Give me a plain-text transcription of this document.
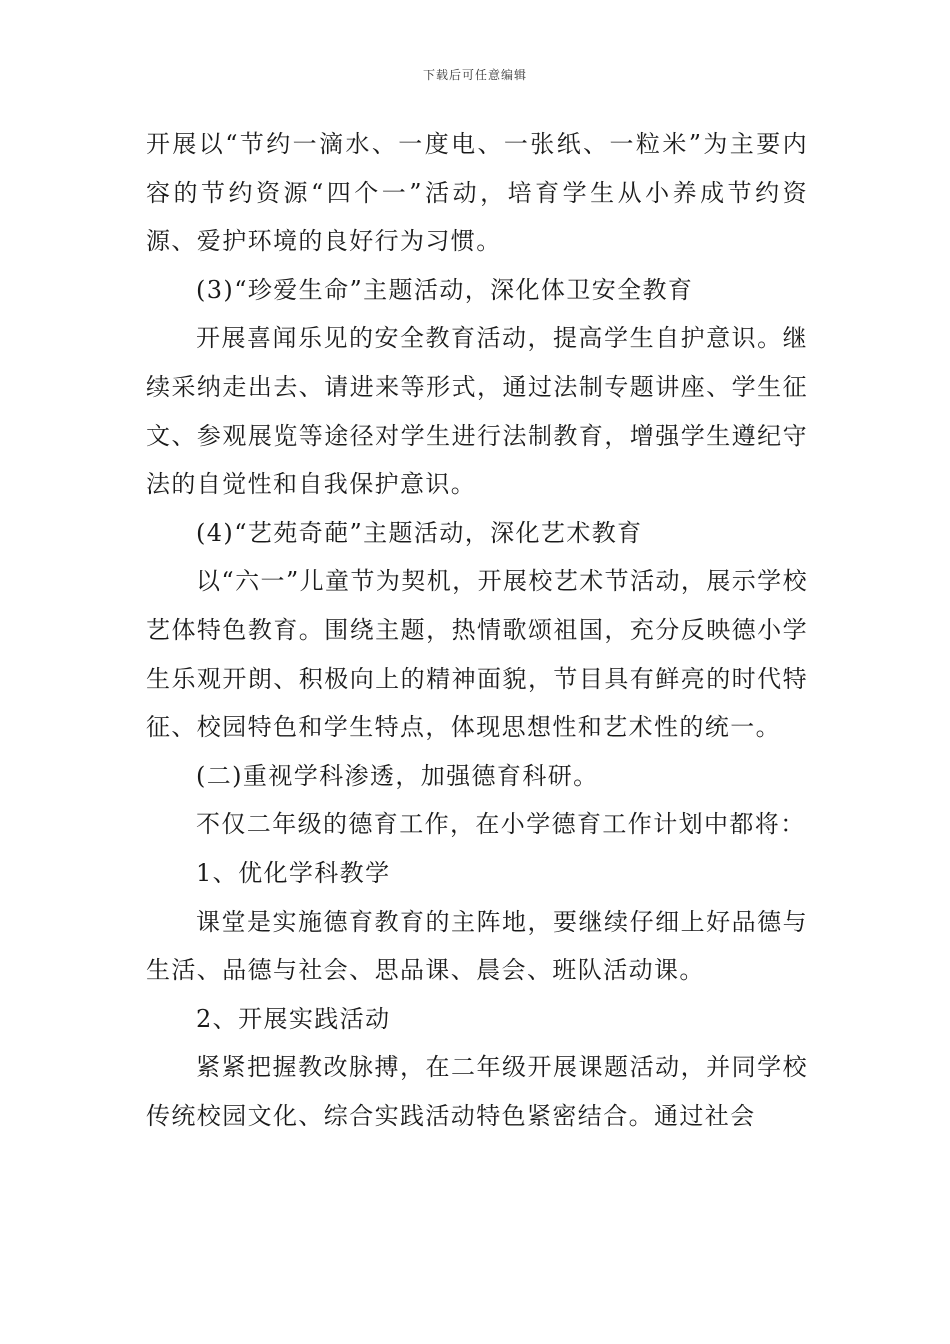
下载后可任意编辑

开展以“节约一滴水、一度电、一张纸、一粒米”为主要内容的节约资源“四个一”活动，培育学生从小养成节约资源、爱护环境的良好行为习惯。

(3)“珍爱生命”主题活动，深化体卫安全教育

开展喜闻乐见的安全教育活动，提高学生自护意识。继续采纳走出去、请进来等形式，通过法制专题讲座、学生征文、参观展览等途径对学生进行法制教育，增强学生遵纪守法的自觉性和自我保护意识。

(4)“艺苑奇葩”主题活动，深化艺术教育

以“六一”儿童节为契机，开展校艺术节活动，展示学校艺体特色教育。围绕主题，热情歌颂祖国，充分反映德小学生乐观开朗、积极向上的精神面貌，节目具有鲜亮的时代特征、校园特色和学生特点，体现思想性和艺术性的统一。

(二)重视学科渗透，加强德育科研。

不仅二年级的德育工作，在小学德育工作计划中都将：

1、优化学科教学

课堂是实施德育教育的主阵地，要继续仔细上好品德与生活、品德与社会、思品课、晨会、班队活动课。

2、开展实践活动

紧紧把握教改脉搏，在二年级开展课题活动，并同学校传统校园文化、综合实践活动特色紧密结合。通过社会
